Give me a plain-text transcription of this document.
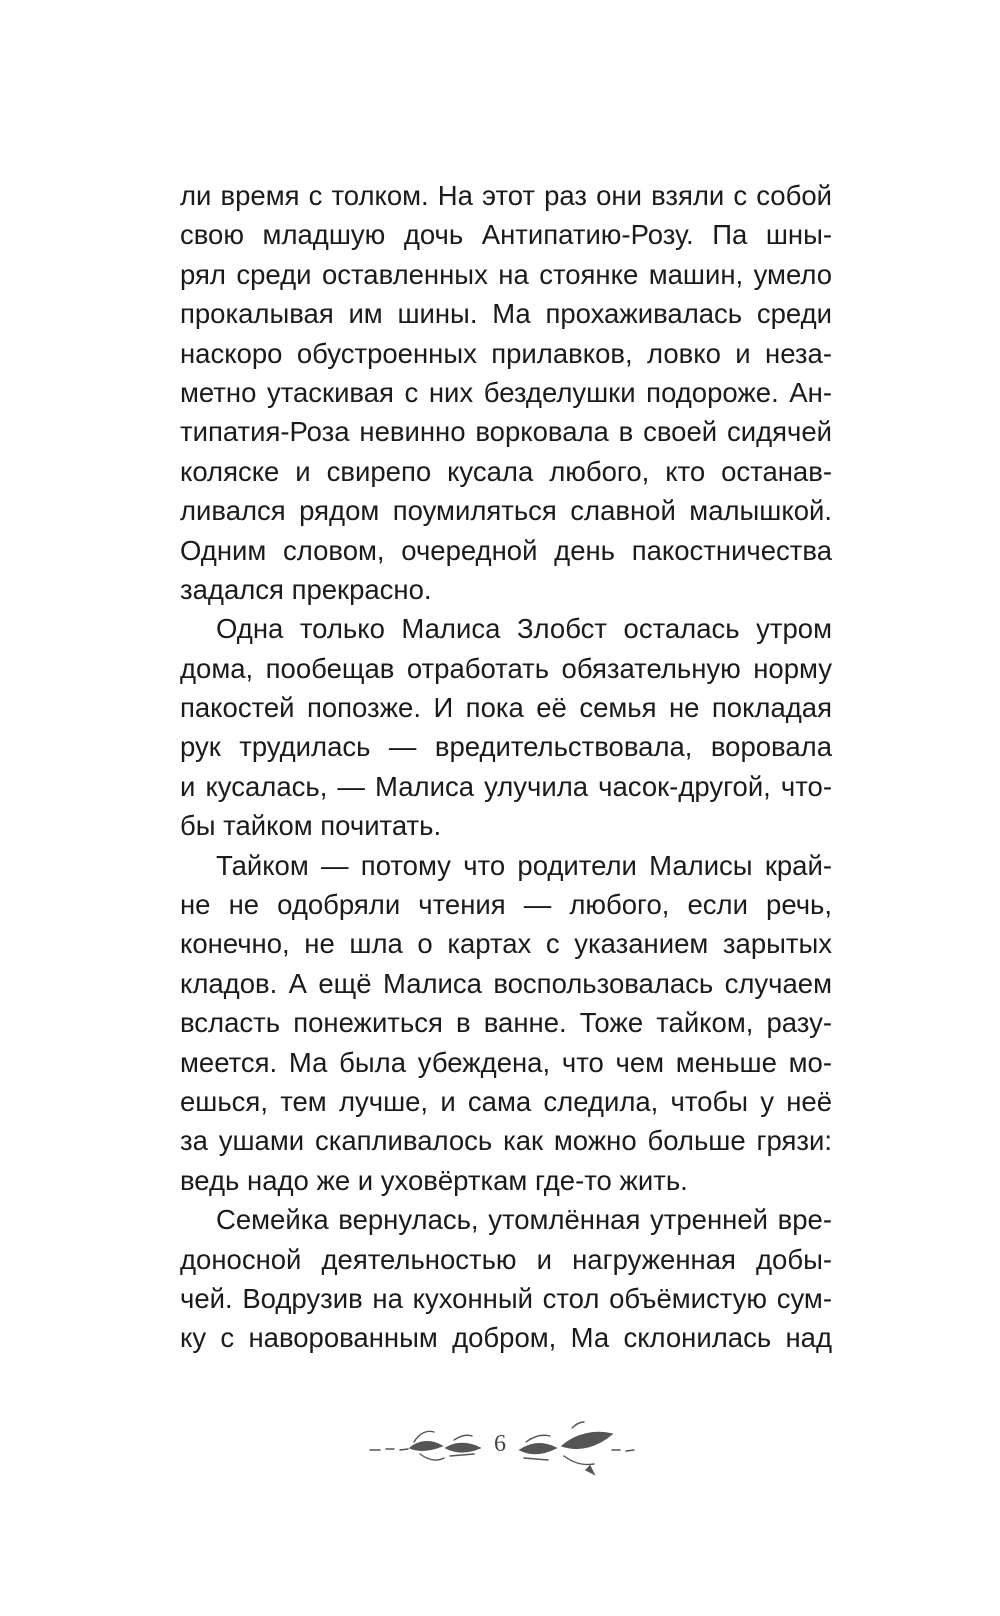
ли время с толком. На этот раз они взяли с собой
свою младшую дочь Антипатию-Розу. Па шны-
рял среди оставленных на стоянке машин, умело
прокалывая им шины. Ма прохаживалась среди
наскоро обустроенных прилавков, ловко и неза-
метно утаскивая с них безделушки подороже. Ан-
типатия-Роза невинно ворковала в своей сидячей
коляске и свирепо кусала любого, кто останав-
ливался рядом поумиляться славной малышкой.
Одним словом, очередной день пакостничества
задался прекрасно.
Одна только Малиса Злобст осталась утром
дома, пообещав отработать обязательную норму
пакостей попозже. И пока её семья не покладая
рук трудилась — вредительствовала, воровала
и кусалась, — Малиса улучила часок-другой, что-
бы тайком почитать.
Тайком — потому что родители Малисы край-
не не одобряли чтения — любого, если речь,
конечно, не шла о картах с указанием зарытых
кладов. А ещё Малиса воспользовалась случаем
всласть понежиться в ванне. Тоже тайком, разу-
меется. Ма была убеждена, что чем меньше мо-
ешься, тем лучше, и сама следила, чтобы у неё
за ушами скапливалось как можно больше грязи:
ведь надо же и уховёрткам где-то жить.
Семейка вернулась, утомлённая утренней вре-
доносной деятельностью и нагруженная добы-
чей. Водрузив на кухонный стол объёмистую сум-
ку с наворованным добром, Ма склонилась над
6
